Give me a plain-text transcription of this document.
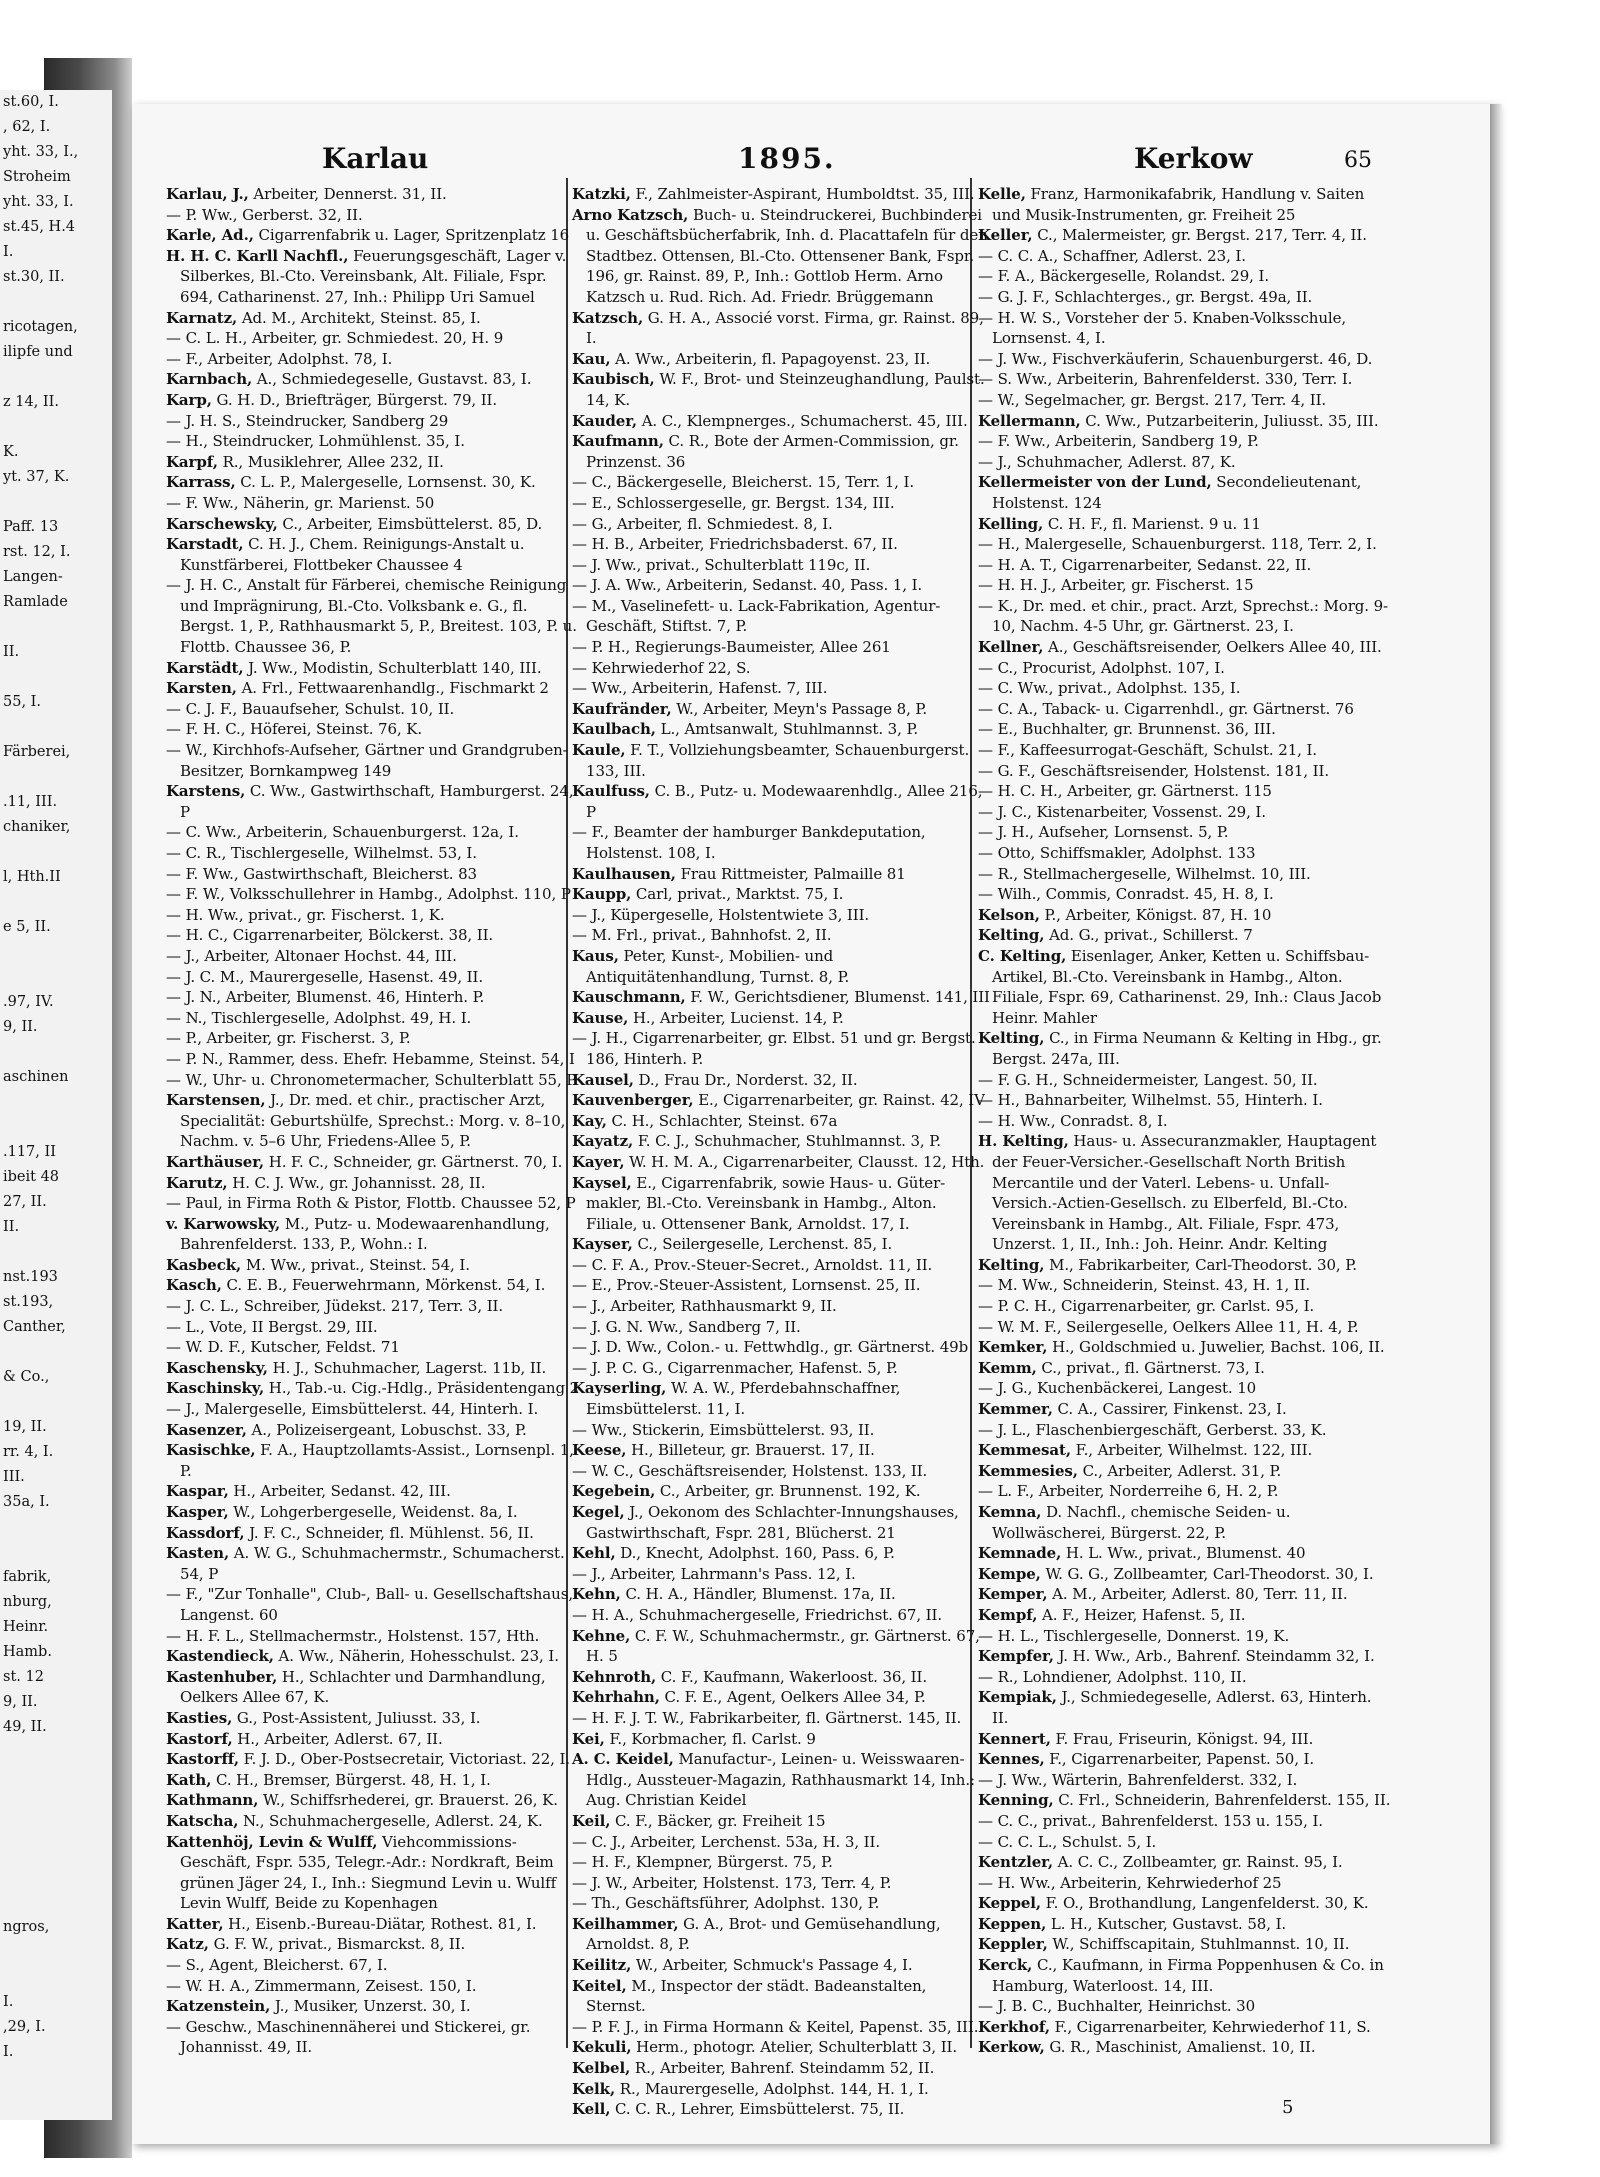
st.60, I.
, 62, I.
yht. 33, I.,
Stroheim
yht. 33, I.
st.45, H.4
I.
st.30, II.

ricotagen,
ilipfe und

z 14, II.

K.
yt. 37, K.

Paff. 13
rst. 12, I.
Langen-
Ramlade

II.

55, I.

Färberei,

.11, III.
chaniker,

l, Hth.II

e 5, II.

.97, IV.
9, II.

aschinen

.117, II
ibeit 48
27, II.
II.

nst.193
st.193,
Canther,

& Co.,

19, II.
rr. 4, I.
III.
35a, I.

fabrik,
nburg,
Heinr.
Hamb.
st. 12
9, II.
49, II.

ngros,

I.
,29, I.
I.
Karlau	1895.	Kerkow	65

Karlau, J., Arbeiter, Dennerst. 31, II.

— P. Ww., Gerberst. 32, II.

Karle, Ad., Cigarrenfabrik u. Lager, Spritzenplatz 16

H. H. C. Karll Nachfl., Feuerungsgeschäft, Lager v. Silberkes, Bl.-Cto. Vereinsbank, Alt. Filiale, Fspr. 694, Catharinenst. 27, Inh.: Philipp Uri Samuel

Karnatz, Ad. M., Architekt, Steinst. 85, I.

— C. L. H., Arbeiter, gr. Schmiedest. 20, H. 9

— F., Arbeiter, Adolphst. 78, I.

Karnbach, A., Schmiedegeselle, Gustavst. 83, I.

Karp, G. H. D., Briefträger, Bürgerst. 79, II.

— J. H. S., Steindrucker, Sandberg 29

— H., Steindrucker, Lohmühlenst. 35, I.

Karpf, R., Musiklehrer, Allee 232, II.

Karrass, C. L. P., Malergeselle, Lornsenst. 30, K.

— F. Ww., Näherin, gr. Marienst. 50

Karschewsky, C., Arbeiter, Eimsbüttelerst. 85, D.

Karstadt, C. H. J., Chem. Reinigungs-Anstalt u. Kunstfärberei, Flottbeker Chaussee 4

— J. H. C., Anstalt für Färberei, chemische Reinigung und Imprägnirung, Bl.-Cto. Volksbank e. G., fl. Bergst. 1, P., Rathhausmarkt 5, P., Breitest. 103, P. u. Flottb. Chaussee 36, P.

Karstädt, J. Ww., Modistin, Schulterblatt 140, III.

Karsten, A. Frl., Fettwaarenhandlg., Fischmarkt 2

— C. J. F., Bauaufseher, Schulst. 10, II.

— F. H. C., Höferei, Steinst. 76, K.

— W., Kirchhofs-Aufseher, Gärtner und Grandgruben-Besitzer, Bornkampweg 149

Karstens, C. Ww., Gastwirthschaft, Hamburgerst. 24, P

— C. Ww., Arbeiterin, Schauenburgerst. 12a, I.

— C. R., Tischlergeselle, Wilhelmst. 53, I.

— F. Ww., Gastwirthschaft, Bleicherst. 83

— F. W., Volksschullehrer in Hambg., Adolphst. 110, P

— H. Ww., privat., gr. Fischerst. 1, K.

— H. C., Cigarrenarbeiter, Bölckerst. 38, II.

— J., Arbeiter, Altonaer Hochst. 44, III.

— J. C. M., Maurergeselle, Hasenst. 49, II.

— J. N., Arbeiter, Blumenst. 46, Hinterh. P.

— N., Tischlergeselle, Adolphst. 49, H. I.

— P., Arbeiter, gr. Fischerst. 3, P.

— P. N., Rammer, dess. Ehefr. Hebamme, Steinst. 54, I

— W., Uhr- u. Chronometermacher, Schulterblatt 55, P

Karstensen, J., Dr. med. et chir., practischer Arzt, Specialität: Geburtshülfe, Sprechst.: Morg. v. 8–10, Nachm. v. 5–6 Uhr, Friedens-Allee 5, P.

Karthäuser, H. F. C., Schneider, gr. Gärtnerst. 70, I.

Karutz, H. C. J. Ww., gr. Johannisst. 28, II.

— Paul, in Firma Roth & Pistor, Flottb. Chaussee 52, P

v. Karwowsky, M., Putz- u. Modewaarenhandlung, Bahrenfelderst. 133, P., Wohn.: I.

Kasbeck, M. Ww., privat., Steinst. 54, I.

Kasch, C. E. B., Feuerwehrmann, Mörkenst. 54, I.

— J. C. L., Schreiber, Jüdekst. 217, Terr. 3, II.

— L., Vote, II Bergst. 29, III.

— W. D. F., Kutscher, Feldst. 71

Kaschensky, H. J., Schuhmacher, Lagerst. 11b, II.

Kaschinsky, H., Tab.-u. Cig.-Hdlg., Präsidentengang 2

— J., Malergeselle, Eimsbüttelerst. 44, Hinterh. I.

Kasenzer, A., Polizeisergeant, Lobuschst. 33, P.

Kasischke, F. A., Hauptzollamts-Assist., Lornsenpl. 1, P.

Kaspar, H., Arbeiter, Sedanst. 42, III.

Kasper, W., Lohgerbergeselle, Weidenst. 8a, I.

Kassdorf, J. F. C., Schneider, fl. Mühlenst. 56, II.

Kasten, A. W. G., Schuhmachermstr., Schumacherst. 54, P

— F., "Zur Tonhalle", Club-, Ball- u. Gesellschaftshaus, Langenst. 60

— H. F. L., Stellmachermstr., Holstenst. 157, Hth.

Kastendieck, A. Ww., Näherin, Hohesschulst. 23, I.

Kastenhuber, H., Schlachter und Darmhandlung, Oelkers Allee 67, K.

Kasties, G., Post-Assistent, Juliusst. 33, I.

Kastorf, H., Arbeiter, Adlerst. 67, II.

Kastorff, F. J. D., Ober-Postsecretair, Victoriast. 22, I.

Kath, C. H., Bremser, Bürgerst. 48, H. 1, I.

Kathmann, W., Schiffsrhederei, gr. Brauerst. 26, K.

Katscha, N., Schuhmachergeselle, Adlerst. 24, K.

Kattenhöj, Levin & Wulff, Viehcommissions-Geschäft, Fspr. 535, Telegr.-Adr.: Nordkraft, Beim grünen Jäger 24, I., Inh.: Siegmund Levin u. Wulff Levin Wulff, Beide zu Kopenhagen

Katter, H., Eisenb.-Bureau-Diätar, Rothest. 81, I.

Katz, G. F. W., privat., Bismarckst. 8, II.

— S., Agent, Bleicherst. 67, I.

— W. H. A., Zimmermann, Zeisest. 150, I.

Katzenstein, J., Musiker, Unzerst. 30, I.

— Geschw., Maschinennäherei und Stickerei, gr. Johannisst. 49, II.

Katzki, F., Zahlmeister-Aspirant, Humboldtst. 35, III.

Arno Katzsch, Buch- u. Steindruckerei, Buchbinderei u. Geschäftsbücherfabrik, Inh. d. Placattafeln für den Stadtbez. Ottensen, Bl.-Cto. Ottensener Bank, Fspr. 196, gr. Rainst. 89, P., Inh.: Gottlob Herm. Arno Katzsch u. Rud. Rich. Ad. Friedr. Brüggemann

Katzsch, G. H. A., Associé vorst. Firma, gr. Rainst. 89, I.

Kau, A. Ww., Arbeiterin, fl. Papagoyenst. 23, II.

Kaubisch, W. F., Brot- und Steinzeughandlung, Paulst. 14, K.

Kauder, A. C., Klempnerges., Schumacherst. 45, III.

Kaufmann, C. R., Bote der Armen-Commission, gr. Prinzenst. 36

— C., Bäckergeselle, Bleicherst. 15, Terr. 1, I.

— E., Schlossergeselle, gr. Bergst. 134, III.

— G., Arbeiter, fl. Schmiedest. 8, I.

— H. B., Arbeiter, Friedrichsbaderst. 67, II.

— J. Ww., privat., Schulterblatt 119c, II.

— J. A. Ww., Arbeiterin, Sedanst. 40, Pass. 1, I.

— M., Vaselinefett- u. Lack-Fabrikation, Agentur-Geschäft, Stiftst. 7, P.

— P. H., Regierungs-Baumeister, Allee 261

— Kehrwiederhof 22, S.

— Ww., Arbeiterin, Hafenst. 7, III.

Kaufränder, W., Arbeiter, Meyn's Passage 8, P.

Kaulbach, L., Amtsanwalt, Stuhlmannst. 3, P.

Kaule, F. T., Vollziehungsbeamter, Schauenburgerst. 133, III.

Kaulfuss, C. B., Putz- u. Modewaarenhdlg., Allee 216, P

— F., Beamter der hamburger Bankdeputation, Holstenst. 108, I.

Kaulhausen, Frau Rittmeister, Palmaille 81

Kaupp, Carl, privat., Marktst. 75, I.

— J., Küpergeselle, Holstentwiete 3, III.

— M. Frl., privat., Bahnhofst. 2, II.

Kaus, Peter, Kunst-, Mobilien- und Antiquitätenhandlung, Turnst. 8, P.

Kauschmann, F. W., Gerichtsdiener, Blumenst. 141, III

Kause, H., Arbeiter, Lucienst. 14, P.

— J. H., Cigarrenarbeiter, gr. Elbst. 51 und gr. Bergst. 186, Hinterh. P.

Kausel, D., Frau Dr., Norderst. 32, II.

Kauvenberger, E., Cigarrenarbeiter, gr. Rainst. 42, IV

Kay, C. H., Schlachter, Steinst. 67a

Kayatz, F. C. J., Schuhmacher, Stuhlmannst. 3, P.

Kayer, W. H. M. A., Cigarrenarbeiter, Clausst. 12, Hth.

Kaysel, E., Cigarrenfabrik, sowie Haus- u. Güter-makler, Bl.-Cto. Vereinsbank in Hambg., Alton. Filiale, u. Ottensener Bank, Arnoldst. 17, I.

Kayser, C., Seilergeselle, Lerchenst. 85, I.

— C. F. A., Prov.-Steuer-Secret., Arnoldst. 11, II.

— E., Prov.-Steuer-Assistent, Lornsenst. 25, II.

— J., Arbeiter, Rathhausmarkt 9, II.

— J. G. N. Ww., Sandberg 7, II.

— J. D. Ww., Colon.- u. Fettwhdlg., gr. Gärtnerst. 49b

— J. P. C. G., Cigarrenmacher, Hafenst. 5, P.

Kayserling, W. A. W., Pferdebahnschaffner, Eimsbüttelerst. 11, I.

— Ww., Stickerin, Eimsbüttelerst. 93, II.

Keese, H., Billeteur, gr. Brauerst. 17, II.

— W. C., Geschäftsreisender, Holstenst. 133, II.

Kegebein, C., Arbeiter, gr. Brunnenst. 192, K.

Kegel, J., Oekonom des Schlachter-Innungshauses, Gastwirthschaft, Fspr. 281, Blücherst. 21

Kehl, D., Knecht, Adolphst. 160, Pass. 6, P.

— J., Arbeiter, Lahrmann's Pass. 12, I.

Kehn, C. H. A., Händler, Blumenst. 17a, II.

— H. A., Schuhmachergeselle, Friedrichst. 67, II.

Kehne, C. F. W., Schuhmachermstr., gr. Gärtnerst. 67, H. 5

Kehnroth, C. F., Kaufmann, Wakerloost. 36, II.

Kehrhahn, C. F. E., Agent, Oelkers Allee 34, P.

— H. F. J. T. W., Fabrikarbeiter, fl. Gärtnerst. 145, II.

Kei, F., Korbmacher, fl. Carlst. 9

A. C. Keidel, Manufactur-, Leinen- u. Weisswaaren-Hdlg., Aussteuer-Magazin, Rathhausmarkt 14, Inh.: Aug. Christian Keidel

Keil, C. F., Bäcker, gr. Freiheit 15

— C. J., Arbeiter, Lerchenst. 53a, H. 3, II.

— H. F., Klempner, Bürgerst. 75, P.

— J. W., Arbeiter, Holstenst. 173, Terr. 4, P.

— Th., Geschäftsführer, Adolphst. 130, P.

Keilhammer, G. A., Brot- und Gemüsehandlung, Arnoldst. 8, P.

Keilitz, W., Arbeiter, Schmuck's Passage 4, I.

Keitel, M., Inspector der städt. Badeanstalten, Sternst.

— P. F. J., in Firma Hormann & Keitel, Papenst. 35, III.

Kekuli, Herm., photogr. Atelier, Schulterblatt 3, II.

Kelbel, R., Arbeiter, Bahrenf. Steindamm 52, II.

Kelk, R., Maurergeselle, Adolphst. 144, H. 1, I.

Kell, C. C. R., Lehrer, Eimsbüttelerst. 75, II.

Kelle, Franz, Harmonikafabrik, Handlung v. Saiten und Musik-Instrumenten, gr. Freiheit 25

Keller, C., Malermeister, gr. Bergst. 217, Terr. 4, II.

— C. C. A., Schaffner, Adlerst. 23, I.

— F. A., Bäckergeselle, Rolandst. 29, I.

— G. J. F., Schlachterges., gr. Bergst. 49a, II.

— H. W. S., Vorsteher der 5. Knaben-Volksschule, Lornsenst. 4, I.

— J. Ww., Fischverkäuferin, Schauenburgerst. 46, D.

— S. Ww., Arbeiterin, Bahrenfelderst. 330, Terr. I.

— W., Segelmacher, gr. Bergst. 217, Terr. 4, II.

Kellermann, C. Ww., Putzarbeiterin, Juliusst. 35, III.

— F. Ww., Arbeiterin, Sandberg 19, P.

— J., Schuhmacher, Adlerst. 87, K.

Kellermeister von der Lund, Secondelieutenant, Holstenst. 124

Kelling, C. H. F., fl. Marienst. 9 u. 11

— H., Malergeselle, Schauenburgerst. 118, Terr. 2, I.

— H. A. T., Cigarrenarbeiter, Sedanst. 22, II.

— H. H. J., Arbeiter, gr. Fischerst. 15

— K., Dr. med. et chir., pract. Arzt, Sprechst.: Morg. 9-10, Nachm. 4-5 Uhr, gr. Gärtnerst. 23, I.

Kellner, A., Geschäftsreisender, Oelkers Allee 40, III.

— C., Procurist, Adolphst. 107, I.

— C. Ww., privat., Adolphst. 135, I.

— C. A., Taback- u. Cigarrenhdl., gr. Gärtnerst. 76

— E., Buchhalter, gr. Brunnenst. 36, III.

— F., Kaffeesurrogat-Geschäft, Schulst. 21, I.

— G. F., Geschäftsreisender, Holstenst. 181, II.

— H. C. H., Arbeiter, gr. Gärtnerst. 115

— J. C., Kistenarbeiter, Vossenst. 29, I.

— J. H., Aufseher, Lornsenst. 5, P.

— Otto, Schiffsmakler, Adolphst. 133

— R., Stellmachergeselle, Wilhelmst. 10, III.

— Wilh., Commis, Conradst. 45, H. 8, I.

Kelson, P., Arbeiter, Königst. 87, H. 10

Kelting, Ad. G., privat., Schillerst. 7

C. Kelting, Eisenlager, Anker, Ketten u. Schiffsbau-Artikel, Bl.-Cto. Vereinsbank in Hambg., Alton. Filiale, Fspr. 69, Catharinenst. 29, Inh.: Claus Jacob Heinr. Mahler

Kelting, C., in Firma Neumann & Kelting in Hbg., gr. Bergst. 247a, III.

— F. G. H., Schneidermeister, Langest. 50, II.

— H., Bahnarbeiter, Wilhelmst. 55, Hinterh. I.

— H. Ww., Conradst. 8, I.

H. Kelting, Haus- u. Assecuranzmakler, Hauptagent der Feuer-Versicher.-Gesellschaft North British Mercantile und der Vaterl. Lebens- u. Unfall-Versich.-Actien-Gesellsch. zu Elberfeld, Bl.-Cto. Vereinsbank in Hambg., Alt. Filiale, Fspr. 473, Unzerst. 1, II., Inh.: Joh. Heinr. Andr. Kelting

Kelting, M., Fabrikarbeiter, Carl-Theodorst. 30, P.

— M. Ww., Schneiderin, Steinst. 43, H. 1, II.

— P. C. H., Cigarrenarbeiter, gr. Carlst. 95, I.

— W. M. F., Seilergeselle, Oelkers Allee 11, H. 4, P.

Kemker, H., Goldschmied u. Juwelier, Bachst. 106, II.

Kemm, C., privat., fl. Gärtnerst. 73, I.

— J. G., Kuchenbäckerei, Langest. 10

Kemmer, C. A., Cassirer, Finkenst. 23, I.

— J. L., Flaschenbiergeschäft, Gerberst. 33, K.

Kemmesat, F., Arbeiter, Wilhelmst. 122, III.

Kemmesies, C., Arbeiter, Adlerst. 31, P.

— L. F., Arbeiter, Norderreihe 6, H. 2, P.

Kemna, D. Nachfl., chemische Seiden- u. Wollwäscherei, Bürgerst. 22, P.

Kemnade, H. L. Ww., privat., Blumenst. 40

Kempe, W. G. G., Zollbeamter, Carl-Theodorst. 30, I.

Kemper, A. M., Arbeiter, Adlerst. 80, Terr. 11, II.

Kempf, A. F., Heizer, Hafenst. 5, II.

— H. L., Tischlergeselle, Donnerst. 19, K.

Kempfer, J. H. Ww., Arb., Bahrenf. Steindamm 32, I.

— R., Lohndiener, Adolphst. 110, II.

Kempiak, J., Schmiedegeselle, Adlerst. 63, Hinterh. II.

Kennert, F. Frau, Friseurin, Königst. 94, III.

Kennes, F., Cigarrenarbeiter, Papenst. 50, I.

— J. Ww., Wärterin, Bahrenfelderst. 332, I.

Kenning, C. Frl., Schneiderin, Bahrenfelderst. 155, II.

— C. C., privat., Bahrenfelderst. 153 u. 155, I.

— C. C. L., Schulst. 5, I.

Kentzler, A. C. C., Zollbeamter, gr. Rainst. 95, I.

— H. Ww., Arbeiterin, Kehrwiederhof 25

Keppel, F. O., Brothandlung, Langenfelderst. 30, K.

Keppen, L. H., Kutscher, Gustavst. 58, I.

Keppler, W., Schiffscapitain, Stuhlmannst. 10, II.

Kerck, C., Kaufmann, in Firma Poppenhusen & Co. in Hamburg, Waterloost. 14, III.

— J. B. C., Buchhalter, Heinrichst. 30

Kerkhof, F., Cigarrenarbeiter, Kehrwiederhof 11, S.

Kerkow, G. R., Maschinist, Amalienst. 10, II.

5
